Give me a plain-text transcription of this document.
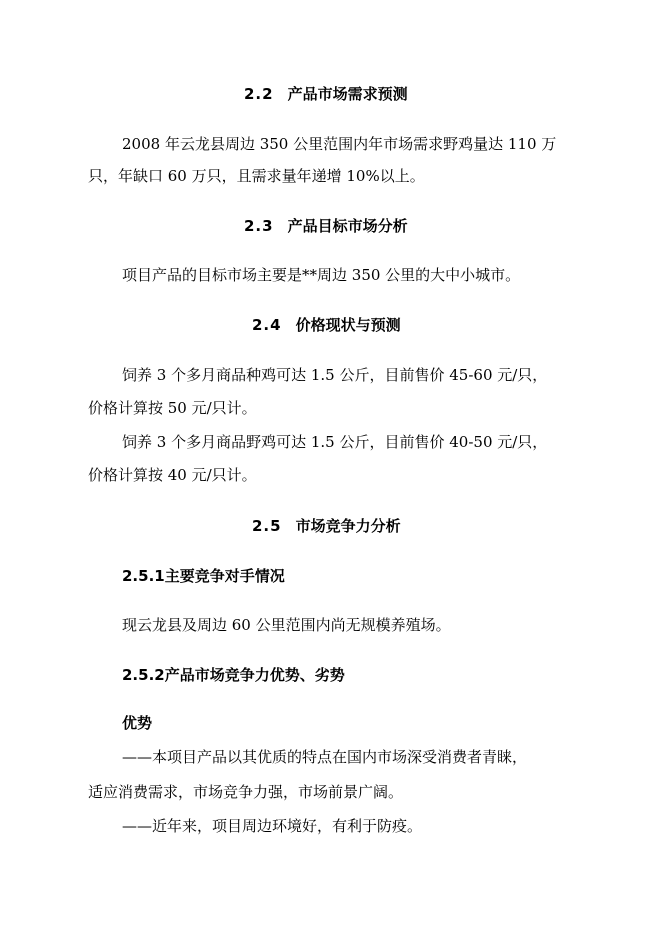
2.2 产品市场需求预测
2008 年云龙县周边 350 公里范围内年市场需求野鸡量达 110 万
只，年缺口 60 万只，且需求量年递增 10%以上。
2.3 产品目标市场分析
项目产品的目标市场主要是**周边 350 公里的大中小城市。
2.4 价格现状与预测
饲养 3 个多月商品种鸡可达 1.5 公斤，目前售价 45-60 元/只，
价格计算按 50 元/只计。
饲养 3 个多月商品野鸡可达 1.5 公斤，目前售价 40-50 元/只，
价格计算按 40 元/只计。
2.5 市场竞争力分析
2.5.1主要竞争对手情况
现云龙县及周边 60 公里范围内尚无规模养殖场。
2.5.2产品市场竞争力优势、劣势
优势
——本项目产品以其优质的特点在国内市场深受消费者青睐，
适应消费需求，市场竞争力强，市场前景广阔。
——近年来，项目周边环境好，有利于防疫。
